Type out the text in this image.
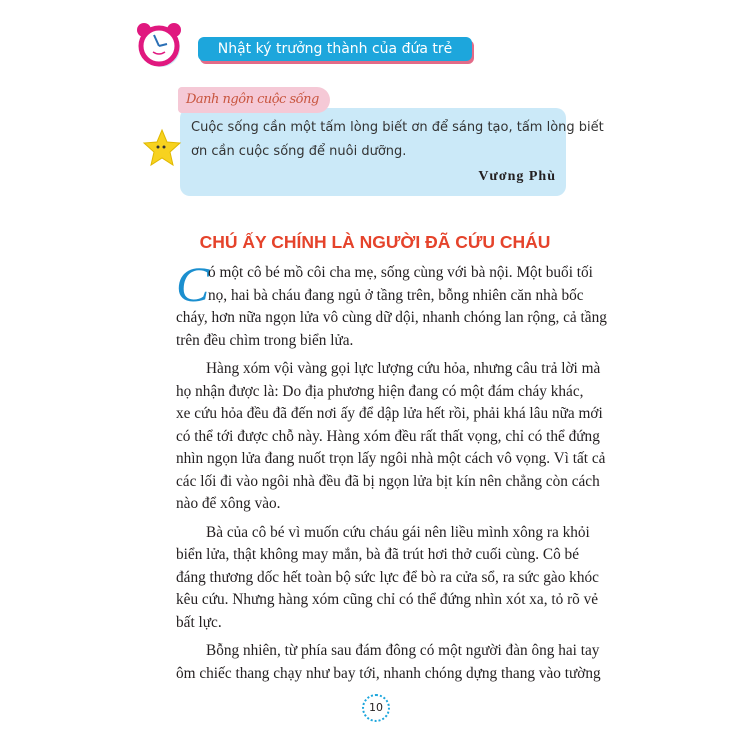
Nhật ký trưởng thành của đứa trẻ ngoan
Danh ngôn cuộc sống
Cuộc sống cần một tấm lòng biết ơn để sáng tạo, tấm lòng biết
ơn cần cuộc sống để nuôi dưỡng.
Vương Phù
CHÚ ẤY CHÍNH LÀ NGƯỜI ĐÃ CỨU CHÁU
C
ó một cô bé mồ côi cha mẹ, sống cùng với bà nội. Một buổi tối
nọ, hai bà cháu đang ngủ ở tầng trên, bỗng nhiên căn nhà bốc
cháy, hơn nữa ngọn lửa vô cùng dữ dội, nhanh chóng lan rộng, cả tầng
trên đều chìm trong biển lửa.
Hàng xóm vội vàng gọi lực lượng cứu hỏa, nhưng câu trả lời mà
họ nhận được là: Do địa phương hiện đang có một đám cháy khác,
xe cứu hỏa đều đã đến nơi ấy để dập lửa hết rồi, phải khá lâu nữa mới
có thể tới được chỗ này. Hàng xóm đều rất thất vọng, chỉ có thể đứng
nhìn ngọn lửa đang nuốt trọn lấy ngôi nhà một cách vô vọng. Vì tất cả
các lối đi vào ngôi nhà đều đã bị ngọn lửa bịt kín nên chẳng còn cách
nào để xông vào.
Bà của cô bé vì muốn cứu cháu gái nên liều mình xông ra khỏi
biển lửa, thật không may mắn, bà đã trút hơi thở cuối cùng. Cô bé
đáng thương dốc hết toàn bộ sức lực để bò ra cửa sổ, ra sức gào khóc
kêu cứu. Nhưng hàng xóm cũng chỉ có thể đứng nhìn xót xa, tỏ rõ vẻ
bất lực.
Bỗng nhiên, từ phía sau đám đông có một người đàn ông hai tay
ôm chiếc thang chạy như bay tới, nhanh chóng dựng thang vào tường
10
